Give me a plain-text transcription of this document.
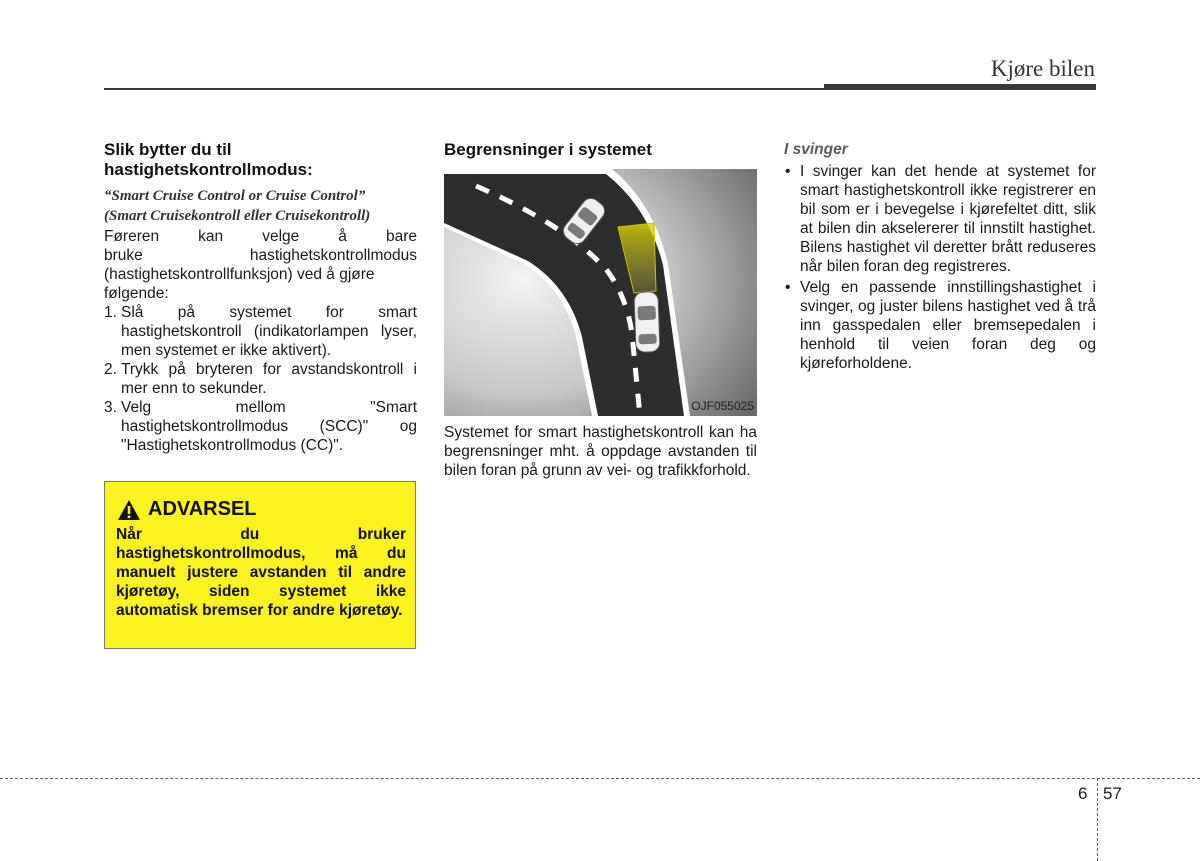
Kjøre bilen
Slik bytter du til
hastighetskontrollmodus:
“Smart Cruise Control or Cruise Control”
(Smart Cruisekontroll eller Cruisekontroll)

Føreren kan velge å bare

bruke hastighetskontrollmodus

(hastighetskontrollfunksjon) ved å gjøre følgende:

1. Slå på systemet for smart hastighetskontroll (indikatorlampen lyser, men systemet er ikke aktivert).

2. Trykk på bryteren for avstandskontroll i mer enn to sekunder.

3. Velg mellom "Smart hastighetskontrollmodus (SCC)" og "Hastighetskontrollmodus (CC)".

ADVARSEL

Når du bruker

hastighetskontrollmodus, må du manuelt justere avstanden til andre kjøretøy, siden systemet ikke automatisk bremser for andre kjøretøy.

Begrensninger i systemet
OJF055025

Systemet for smart hastighetskontroll kan ha begrensninger mht. å oppdage avstanden til bilen foran på grunn av vei- og trafikkforhold.

I svinger
• I svinger kan det hende at systemet for smart hastighetskontroll ikke registrerer en bil som er i bevegelse i kjørefeltet ditt, slik at bilen din akselererer til innstilt hastighet. Bilens hastighet vil deretter brått reduseres når bilen foran deg registreres.

• Velg en passende innstillingshastighet i svinger, og juster bilens hastighet ved å trå inn gasspedalen eller bremsepedalen i henhold til veien foran deg og kjøreforholdene.

6 57
